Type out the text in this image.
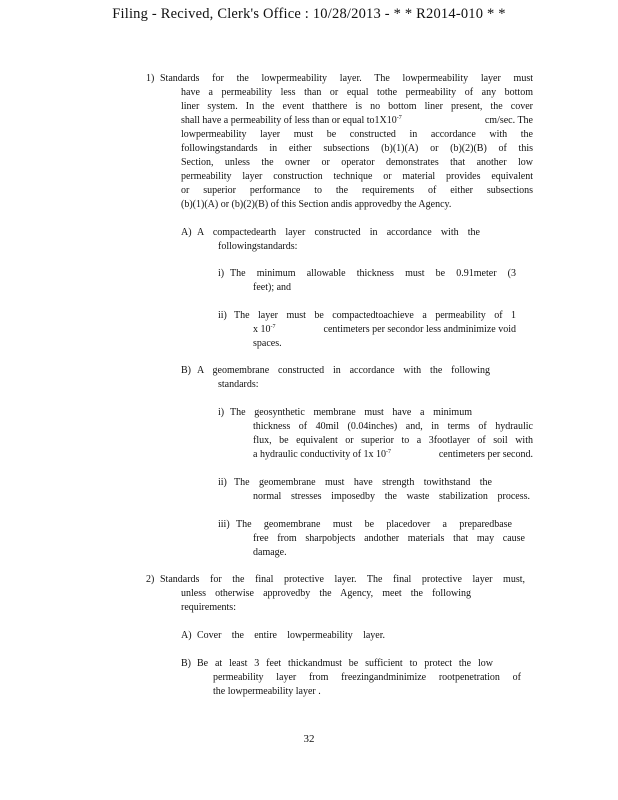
Filing - Recived, Clerk's Office : 10/28/2013 - * * R2014-010 * *
1) Standards for the lowpermeability layer. The lowpermeability layer must
have a permeability less than or equal tothe permeability of any bottom
liner system. In the event thatthere is no bottom liner present, the cover
shall have a permeability of less than or equal $to1X10^{-7}$	cm/sec. The
lowpermeability layer must be constructed in accordance with the
followingstandards in either subsections (b)(1)(A) or (b)(2)(B) of this
Section, unless the owner or operator demonstrates that another low
permeability layer construction technique or material provides equivalent
or superior performance to the requirements of either subsections
(b)(1)(A) or (b)(2)(B) of this Section andis approvedby the Agency.
A) A compactedearth layer constructed in accordance with the
followingstandards:
i) The minimum allowable thickness must be 0.91meter (3
feet); and
ii) The layer must be compactedtoachieve a permeability of 1
x $10^{-7}$	centimeters per secondor less andminimize void
spaces.
B) A geomembrane constructed in accordance with the following
standards:
i) The geosynthetic membrane must have a minimum
thickness of 40mil (0.04inches) and, in terms of hydraulic
flux, be equivalent or superior to a 3footlayer of soil with
a hydraulic conductivity of 1x $10^{-7}$	centimeters per second.
ii) The geomembrane must have strength towithstand the
normal stresses imposedby the waste stabilization process.
iii) The geomembrane must be placedover a preparedbase
free from sharpobjects andother materials that may cause
damage.
2) Standards for the final protective layer. The final protective layer must,
unless otherwise approvedby the Agency, meet the following
requirements:
A) Cover the entire lowpermeability layer.
B) Be at least 3 feet thickandmust be sufficient to protect the low
permeability layer from freezingandminimize rootpenetration of
the lowpermeability layer .
32
